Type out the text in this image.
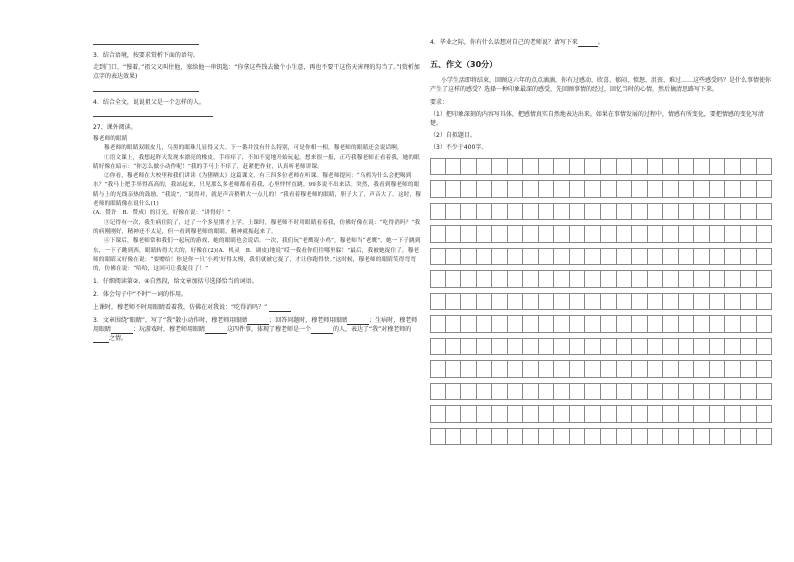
3．结合语境，按要求赏析下面的语句。

走到门口，“慢着，”祖父又叫住他，塞给他一串钥匙：“你拿这些钱去做个小生意，再也不要干这伤天害理的勾当了。”(赏析加点字的表达效果)

4．结合全文，说说祖父是一个怎样的人。

27、课外阅读。

穆老师的眼睛

穆老师的眼睛双眼皮儿，乌黑的眼珠儿显得又大。下一番并没有什么特别，可是你相一相，穆老师的眼睛还会说话啊。

①语文课上，我想起昨天发现本漂亮的橡皮，手痒痒了，不知不觉地开始玩起。想来很一报，正巧我穆老师正看着我，她的眼睛好像在暗示：“你怎么做小动作呢！”我的手马上不痒了，赶紧把作业，认真听老师讲课。

②你看，穆老师在大校里和我们讲读《为猪晒太》这篇课文，有三四多位老师在听课。穆老师提问：“乌鸦为什么会把喝到水？”我马上把手举得高高的，我站起来，只见那么多老师都看着我，心里怦怦直跳。99多说不出来话。突然，我看到穆老师的眼睛与上的光线亲热的鼓励，“我说”，“说得对，就是声音稍稍大一点儿的！”我看着穆老师的眼睛，胆子大了，声音大了。这时，穆老师的眼睛像在说什么(1)

(A．赞许　B．赞成）的目光，好像在说：“讲得好！”

③记得有一次，我生病住院了，过了一个多星期才上学。上课时，穆老师不时用眼睛看着我，仿佛好像在说：“吃得消吗？”我的病刚刚好，精神还不太足，但一看到穆老师的眼睛，精神就振起来了。

④下课后，穆老师常和我们一起玩的游戏，她的眼睛也会说话。一次，我们玩“老鹰捉小鸡”，穆老师当“老鹰”。她一下子跳到东，一下子跳到西，眼睛转得大大的，好像在(2)(A．机灵　B．调皮)地说“哎一我看你们往哪里躲！”最后，我被她捉住了，穆老师的眼睛又好像在说：“要赠给！你是你一只‘小鸡’好得太慢，我们就被它捉了，才让你跑得快。”这时候，穆老师的眼睛笑得弯弯的，仿佛在说：“哈哈，这回可让我捉住了！”

1．仔细阅读第②、④自然段，给文章加括号选择恰当的词语。

2．体会句子中“不时”一词的作用。

上课时，穆老师不时用眼睛看着我，仿佛在对我说：“吃得消吗？”

3．文章围绕“眼睛”，写了“我”散小动作时，穆老师用眼睛	；回答问题时，穆老师用眼睛	；生病时，穆老师用眼睛	；玩游戏时，穆老师用眼睛	这四件事，体现了穆老师是一个	的人，表达了“我”对穆老师的之情。

4．毕业之际，你有什么话想对自己的老师说？请写下来	。

五、作文（30分）

小学生活即将结束，回顾这六年的点点滴滴，你有过感动、欣喜、郁闷、愤怒、沮丧、难过……这些感受吗？是什么事情使你产生了这样的感受？选择一种印象最深的感受，先回顾事情的经过，回忆当时的心情，然后摘清思路写下来。

要求：

（1）把印象深刻的内容写具体，把感情真实自然地表达出来。如果在事情发展的过程中，情感有所变化，要把情感的变化写清楚。

（2）自拟题目。

（3）不少于400字。
